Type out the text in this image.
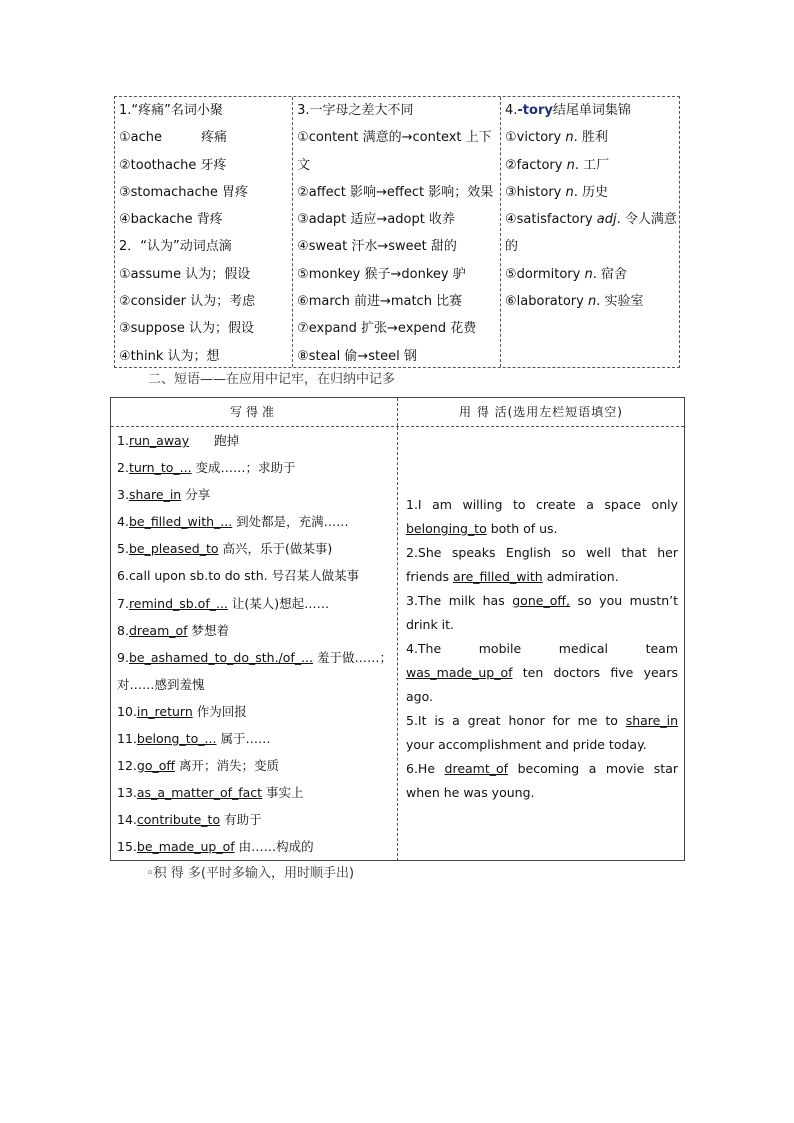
1.“疼痛”名词小聚
①ache　　　疼痛
②toothache 牙疼
③stomachache 胃疼
④backache 背疼
2．“认为”动词点滴
①assume 认为；假设
②consider 认为；考虑
③suppose 认为；假设
④think 认为；想
3.一字母之差大不同
①content 满意的→context 上下
文
②affect 影响→effect 影响；效果
③adapt 适应→adopt 收养
④sweat 汗水→sweet 甜的
⑤monkey 猴子→donkey 驴
⑥march 前进→match 比赛
⑦expand 扩张→expend 花费
⑧steal 偷→steel 钢
4.-tory结尾单词集锦
①victory n. 胜利
②factory n. 工厂
③history n. 历史
④satisfactory adj. 令人满意
的
⑤dormitory n. 宿舍
⑥laboratory n. 实验室
二、短语——在应用中记牢，在归纳中记多
写得准	用 得 活(选用左栏短语填空)
1.run_away　　跑掉
2.turn_to_... 变成……；求助于
3.share_in 分享
4.be_filled_with_... 到处都是，充满……
5.be_pleased_to 高兴，乐于(做某事)
6.call upon sb.to do sth. 号召某人做某事
7.remind_sb.of_... 让(某人)想起……
8.dream_of 梦想着
9.be_ashamed_to_do_sth./of_... 羞于做……；
对……感到羞愧
10.in_return 作为回报
11.belong_to_... 属于……
12.go_off 离开；消失；变质
13.as_a_matter_of_fact 事实上
14.contribute_to 有助于
15.be_made_up_of 由……构成的
1.I am willing to create a space only belonging_to both of us.
2.She speaks English so well that her friends are_filled_with admiration.
3.The milk has gone_off, so you mustn’t drink it.
4.The mobile medical team was_made_up_of ten doctors five years ago.
5.It is a great honor for me to share_in your accomplishment and pride today.
6.He dreamt_of becoming a movie star when he was young.
◦积 得 多(平时多输入，用时顺手出)
